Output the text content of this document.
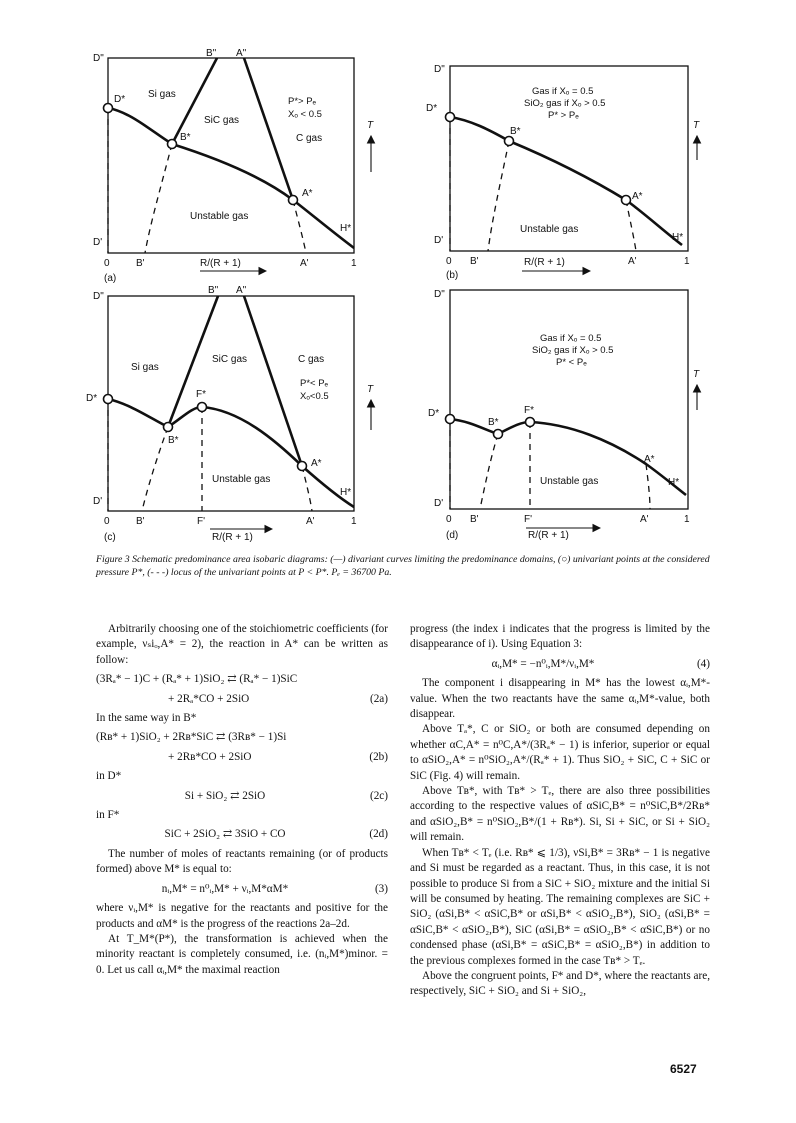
D"
D'
B" A"
D*
B*
A*
H*
Si gas
SiC gas
C gas
Unstable gas
P*> Pₑ
Xₒ < 0.5
0	B'	R/(R + 1)	A'	1
(a)
T
D"
D'
D*
B*
A*
H*
Gas if Xₒ = 0.5
SiO₂ gas if Xₒ > 0.5
P* > Pₑ
Unstable gas
0 B'	R/(R + 1)	A'	1
(b)
T
D"
D'
B" A"
D*
B*
F*
A*
H*
Si gas
SiC gas	C gas
Unstable gas
P*< Pₑ
Xₒ<0.5
0	B'	F'	A'	1
R/(R + 1)
(c)
T
D"
D'
D*
B*
F*
A*
H*
Gas if Xₒ = 0.5
SiO₂ gas if Xₒ > 0.5
P* < Pₑ
Unstable gas
0 B'	F'	A'	1
R/(R + 1)
(d)
T
Figure 3 Schematic predominance area isobaric diagrams: (—) divariant curves limiting the predominance domains, (○) univariant points at the considered pressure P*, (- - -) locus of the univariant points at P < P*. Pₑ = 36700 Pa.

Arbitrarily choosing one of the stoichiometric coefficients (for example, νₛiₒ,A* = 2), the reaction in A* can be written as follow:

(3Rₐ* − 1)C + (Rₐ* + 1)SiO₂ ⇄ (Rₐ* − 1)SiC
+ 2Rₐ*CO + 2SiO	(2a)

In the same way in B*

(Rʙ* + 1)SiO₂ + 2Rʙ*SiC ⇄ (3Rʙ* − 1)Si
+ 2Rʙ*CO + 2SiO	(2b)

in D*

Si + SiO₂ ⇄ 2SiO	(2c)

in F*

SiC + 2SiO₂ ⇄ 3SiO + CO	(2d)

The number of moles of reactants remaining (or of products formed) above M* is equal to:

nᵢ,M* = n⁰ᵢ,M* + νᵢ,M*αM*	(3)

where νᵢ,M* is negative for the reactants and positive for the products and αM* is the progress of the reactions 2a–2d.

At T_M*(P*), the transformation is achieved when the minority reactant is completely consumed, i.e. (nᵢ,M*)minor. = 0. Let us call αᵢ,M* the maximal reaction

progress (the index i indicates that the progress is limited by the disappearance of i). Using Equation 3:

αᵢ,M* = −n⁰ᵢ,M*/νᵢ,M*	(4)

The component i disappearing in M* has the lowest αᵢ,M*-value. When the two reactants have the same αᵢ,M*-value, both disappear.

Above Tₐ*, C or SiO₂ or both are consumed depending on whether αC,A* = n⁰C,A*/(3Rₐ* − 1) is inferior, superior or equal to αSiO₂,A* = n⁰SiO₂,A*/(Rₐ* + 1). Thus SiO₂ + SiC, C + SiC or SiC (Fig. 4) will remain.

Above Tʙ*, with Tʙ* > Tₑ, there are also three possibilities according to the respective values of αSiC,B* = n⁰SiC,B*/2Rʙ* and αSiO₂,B* = n⁰SiO₂,B*/(1 + Rʙ*). Si, Si + SiC, or Si + SiO₂ will remain.

When Tʙ* < Tₑ (i.e. Rʙ* ⩽ 1/3), νSi,B* = 3Rʙ* − 1 is negative and Si must be regarded as a reactant. Thus, in this case, it is not possible to produce Si from a SiC + SiO₂ mixture and the initial Si will be consumed by heating. The remaining complexes are SiC + SiO₂ (αSi,B* < αSiC,B* or αSi,B* < αSiO₂,B*), SiO₂ (αSi,B* = αSiC,B* < αSiO₂,B*), SiC (αSi,B* = αSiO₂,B* < αSiC,B*) or no condensed phase (αSi,B* = αSiC,B* = αSiO₂,B*) in addition to the previous complexes formed in the case Tʙ* > Tₑ.

Above the congruent points, F* and D*, where the reactants are, respectively, SiC + SiO₂ and Si + SiO₂,

6527
